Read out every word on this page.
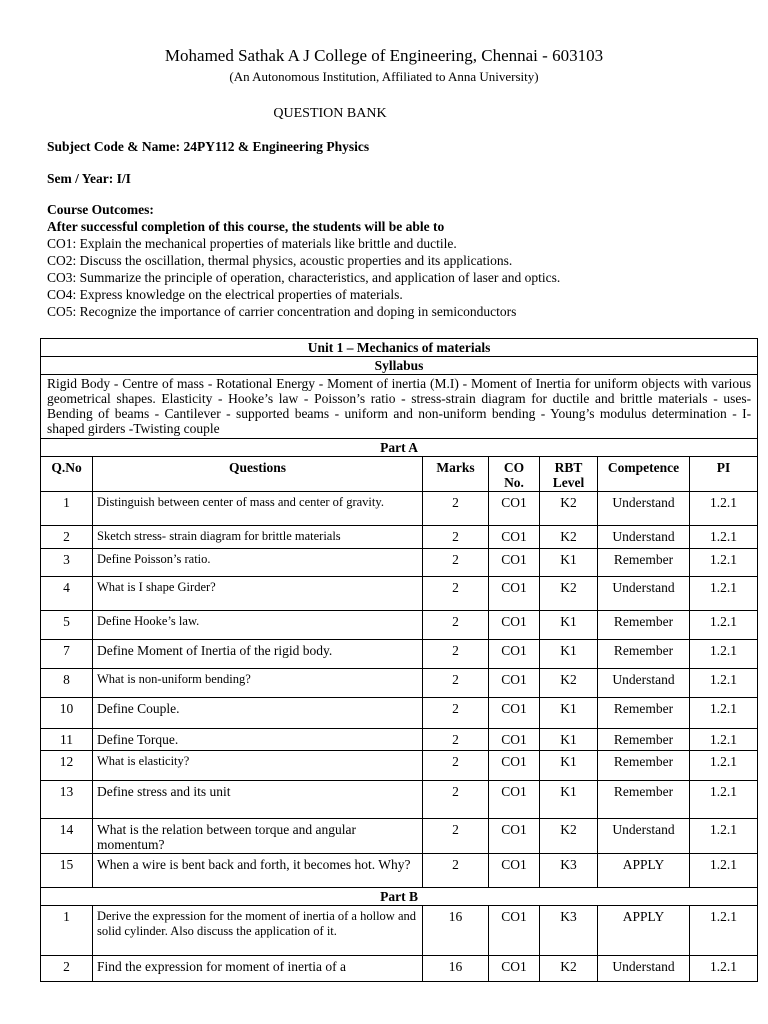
Mohamed Sathak A J College of Engineering, Chennai - 603103
(An Autonomous Institution, Affiliated to Anna University)
QUESTION BANK
Subject Code & Name: 24PY112 & Engineering Physics
Sem / Year: I/I
Course Outcomes:
After successful completion of this course, the students will be able to
CO1: Explain the mechanical properties of materials like brittle and ductile.
CO2: Discuss the oscillation, thermal physics, acoustic properties and its applications.
CO3: Summarize the principle of operation, characteristics, and application of laser and optics.
CO4: Express knowledge on the electrical properties of materials.
CO5: Recognize the importance of carrier concentration and doping in semiconductors
Unit 1 – Mechanics of materials						
Syllabus						
Rigid Body - Centre of mass - Rotational Energy - Moment of inertia (M.I) - Moment of Inertia for uniform objects with various geometrical shapes. Elasticity - Hooke’s law - Poisson’s ratio - stress-strain diagram for ductile and brittle materials - uses- Bending of beams - Cantilever - supported beams - uniform and non-uniform bending - Young’s modulus determination - I-shaped girders -Twisting couple						
Part A						
Q.No	Questions	Marks	CO No.	RBT Level	Competence	PI
1	Distinguish between center of mass and center of gravity.	2	CO1	K2	Understand	1.2.1
2	Sketch stress- strain diagram for brittle materials	2	CO1	K2	Understand	1.2.1
3	Define Poisson’s ratio.	2	CO1	K1	Remember	1.2.1
4	What is I shape Girder?	2	CO1	K2	Understand	1.2.1
5	Define Hooke’s law.	2	CO1	K1	Remember	1.2.1
7	Define Moment of Inertia of the rigid body.	2	CO1	K1	Remember	1.2.1
8	What is non-uniform bending?	2	CO1	K2	Understand	1.2.1
10	Define Couple.	2	CO1	K1	Remember	1.2.1
11	Define Torque.	2	CO1	K1	Remember	1.2.1
12	What is elasticity?	2	CO1	K1	Remember	1.2.1
13	Define stress and its unit	2	CO1	K1	Remember	1.2.1
14	What is the relation between torque and angular momentum?	2	CO1	K2	Understand	1.2.1
15	When a wire is bent back and forth, it becomes hot. Why?	2	CO1	K3	APPLY	1.2.1
Part B						
1	Derive the expression for the moment of inertia of a hollow and solid cylinder. Also discuss the application of it.	16	CO1	K3	APPLY	1.2.1
2	Find the expression for moment of inertia of a	16	CO1	K2	Understand	1.2.1
